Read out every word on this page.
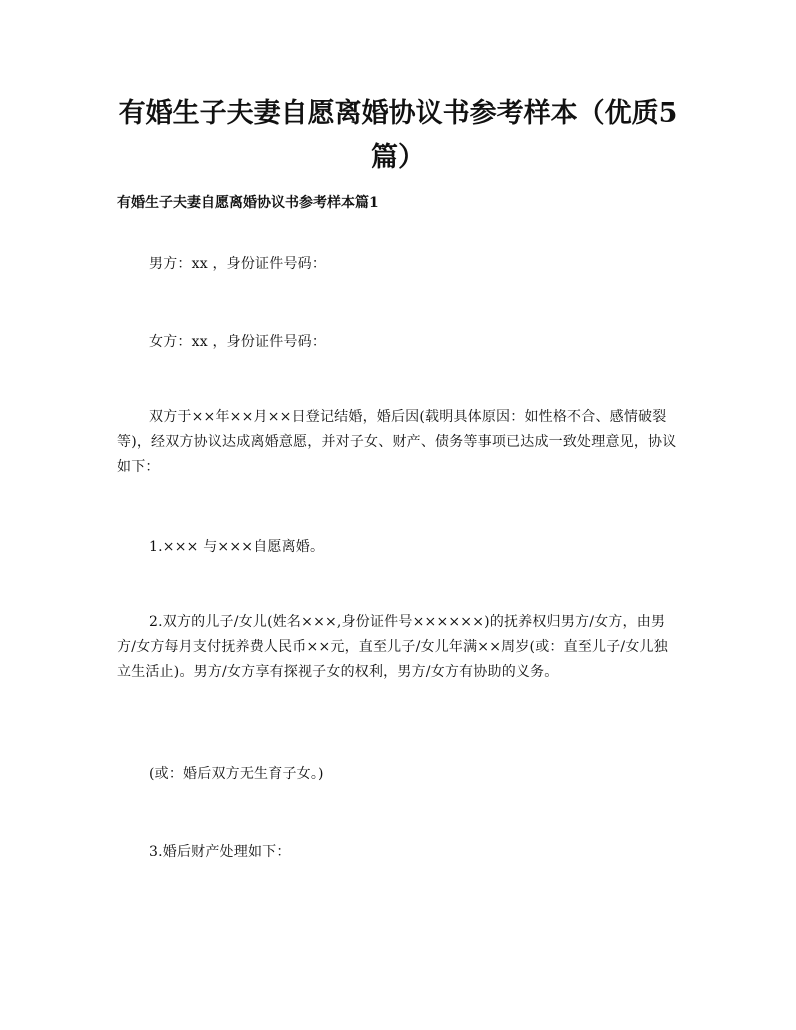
有婚生子夫妻自愿离婚协议书参考样本（优质5篇）
有婚生子夫妻自愿离婚协议书参考样本篇1

男方：xx ，身份证件号码：

女方：xx ，身份证件号码：

双方于××年××月××日登记结婚，婚后因(载明具体原因：如性格不合、感情破裂等)，经双方协议达成离婚意愿，并对子女、财产、债务等事项已达成一致处理意见，协议如下：

1.××× 与×××自愿离婚。

2.双方的儿子/女儿(姓名×××,身份证件号××××××)的抚养权归男方/女方，由男方/女方每月支付抚养费人民币××元，直至儿子/女儿年满××周岁(或：直至儿子/女儿独立生活止)。男方/女方享有探视子女的权利，男方/女方有协助的义务。

(或：婚后双方无生育子女。)

3.婚后财产处理如下：
